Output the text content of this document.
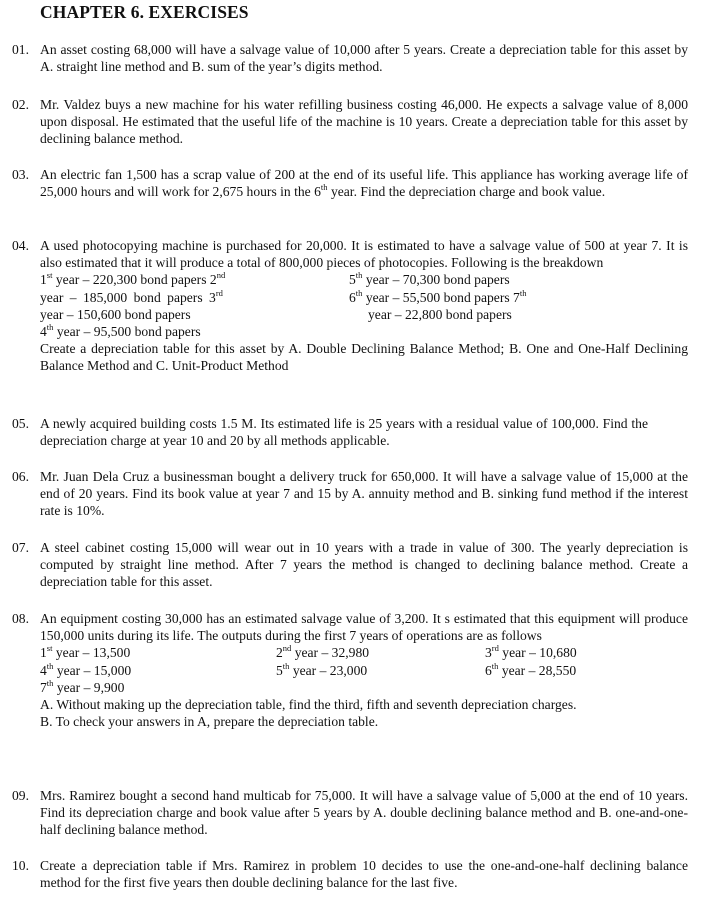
CHAPTER 6. EXERCISES
01. An asset costing 68,000 will have a salvage value of 10,000 after 5 years. Create a depreciation table for this asset by A. straight line method and B. sum of the year’s digits method.
02. Mr. Valdez buys a new machine for his water refilling business costing 46,000. He expects a salvage value of 8,000 upon disposal. He estimated that the useful life of the machine is 10 years. Create a depreciation table for this asset by declining balance method.
03. An electric fan 1,500 has a scrap value of 200 at the end of its useful life. This appliance has working average life of 25,000 hours and will work for 2,675 hours in the 6th year. Find the depreciation charge and book value.
04. A used photocopying machine is purchased for 20,000. It is estimated to have a salvage value of 500 at year 7. It is also estimated that it will produce a total of 800,000 pieces of photocopies. Following is the breakdown
1st year – 220,300 bond papers 2nd	5th year – 70,300 bond papers
year – 185,000 bond papers 3rd	6th year – 55,500 bond papers 7th
year – 150,600 bond papers	year – 22,800 bond papers
4th year – 95,500 bond papers
Create a depreciation table for this asset by A. Double Declining Balance Method; B. One and One-Half Declining Balance Method and C. Unit-Product Method
05. A newly acquired building costs 1.5 M. Its estimated life is 25 years with a residual value of 100,000. Find the depreciation charge at year 10 and 20 by all methods applicable.
06. Mr. Juan Dela Cruz a businessman bought a delivery truck for 650,000. It will have a salvage value of 15,000 at the end of 20 years. Find its book value at year 7 and 15 by A. annuity method and B. sinking fund method if the interest rate is 10%.
07. A steel cabinet costing 15,000 will wear out in 10 years with a trade in value of 300. The yearly depreciation is computed by straight line method. After 7 years the method is changed to declining balance method. Create a depreciation table for this asset.
08. An equipment costing 30,000 has an estimated salvage value of 3,200. It s estimated that this equipment will produce 150,000 units during its life. The outputs during the first 7 years of operations are as follows
1st year – 13,500	2nd year – 32,980	3rd year – 10,680
4th year – 15,000	5th year – 23,000	6th year – 28,550
7th year – 9,900
A. Without making up the depreciation table, find the third, fifth and seventh depreciation charges.
B. To check your answers in A, prepare the depreciation table.
09. Mrs. Ramirez bought a second hand multicab for 75,000. It will have a salvage value of 5,000 at the end of 10 years. Find its depreciation charge and book value after 5 years by A. double declining balance method and B. one-and-one-half declining balance method.
10. Create a depreciation table if Mrs. Ramirez in problem 10 decides to use the one-and-one-half declining balance method for the first five years then double declining balance for the last five.
